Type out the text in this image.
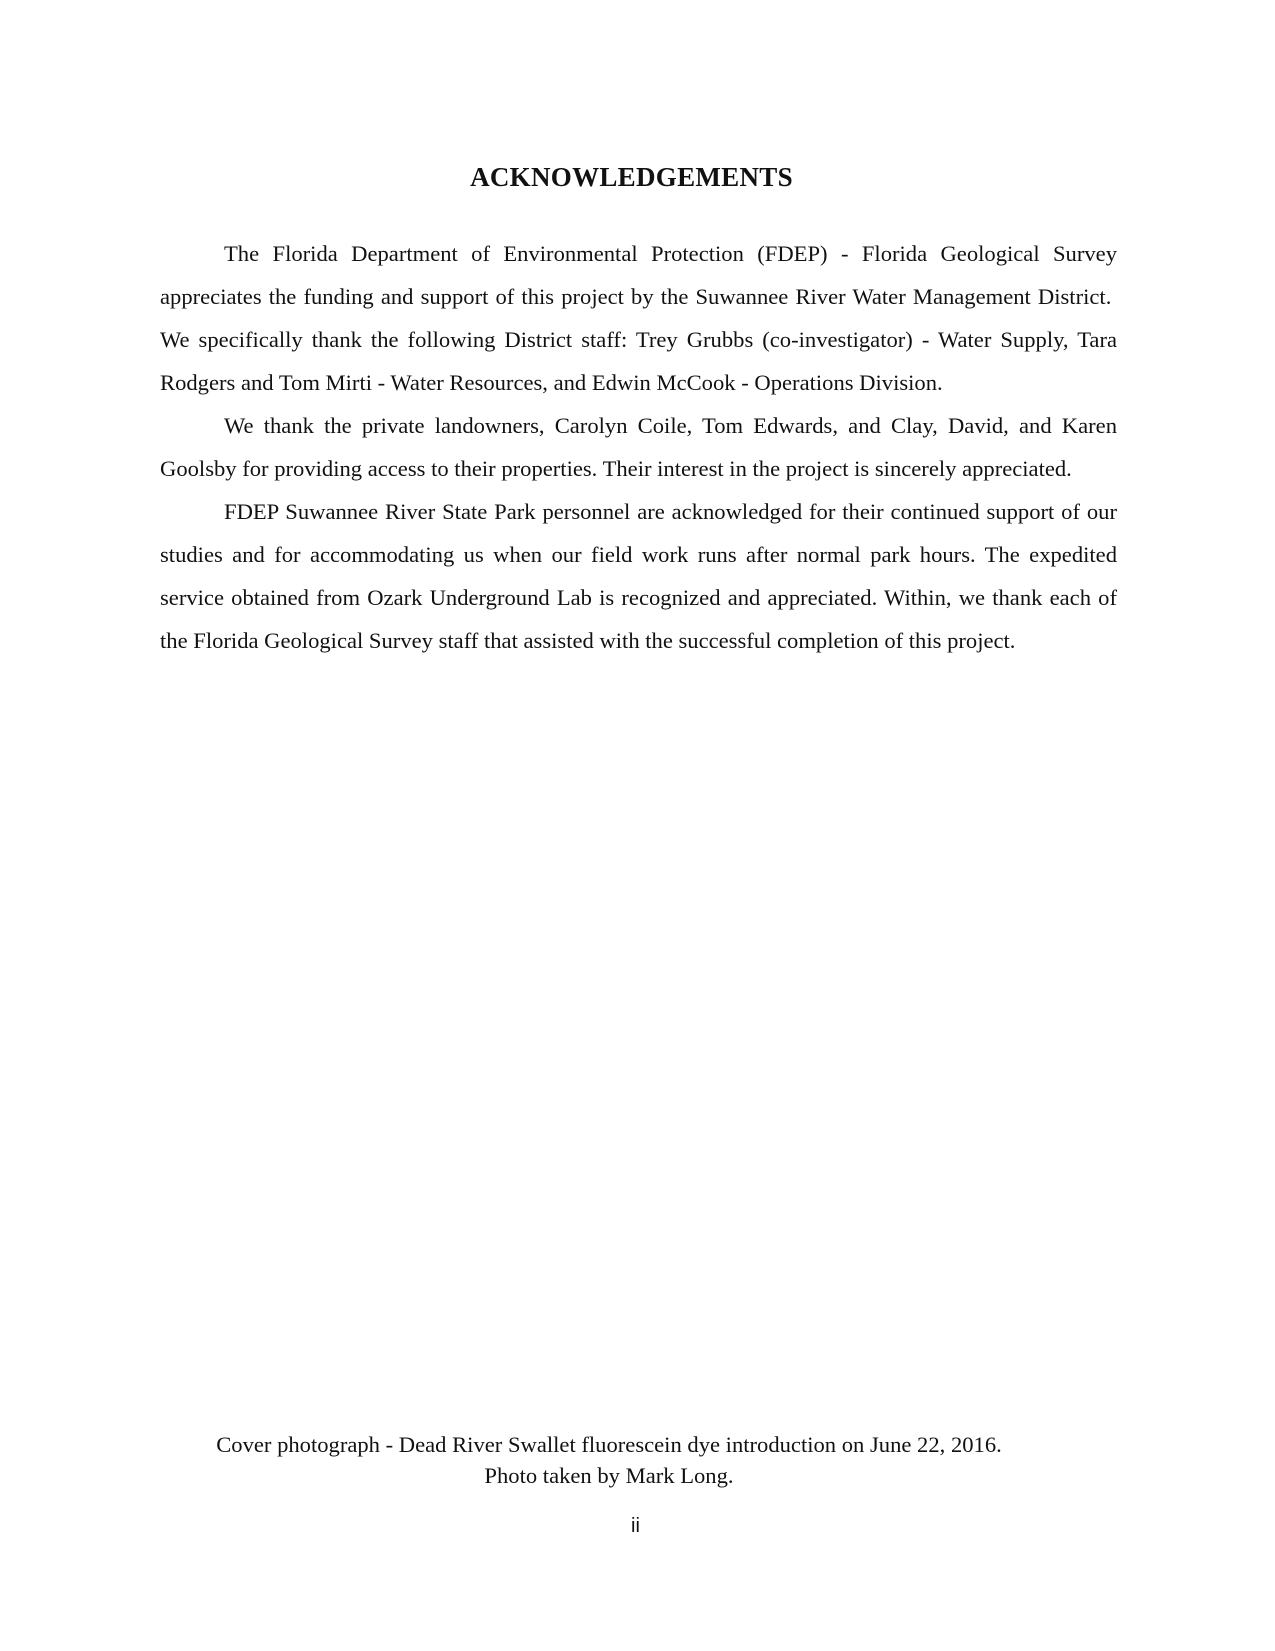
ACKNOWLEDGEMENTS

The Florida Department of Environmental Protection (FDEP) - Florida Geological Survey appreciates the funding and support of this project by the Suwannee River Water Management District.  We specifically thank the following District staff: Trey Grubbs (co-investigator) - Water Supply, Tara Rodgers and Tom Mirti - Water Resources, and Edwin McCook - Operations Division.

We thank the private landowners, Carolyn Coile, Tom Edwards, and Clay, David, and Karen Goolsby for providing access to their properties. Their interest in the project is sincerely appreciated.

FDEP Suwannee River State Park personnel are acknowledged for their continued support of our studies and for accommodating us when our field work runs after normal park hours. The expedited service obtained from Ozark Underground Lab is recognized and appreciated. Within, we thank each of the Florida Geological Survey staff that assisted with the successful completion of this project.

Cover photograph - Dead River Swallet fluorescein dye introduction on June 22, 2016.
Photo taken by Mark Long.
ii
